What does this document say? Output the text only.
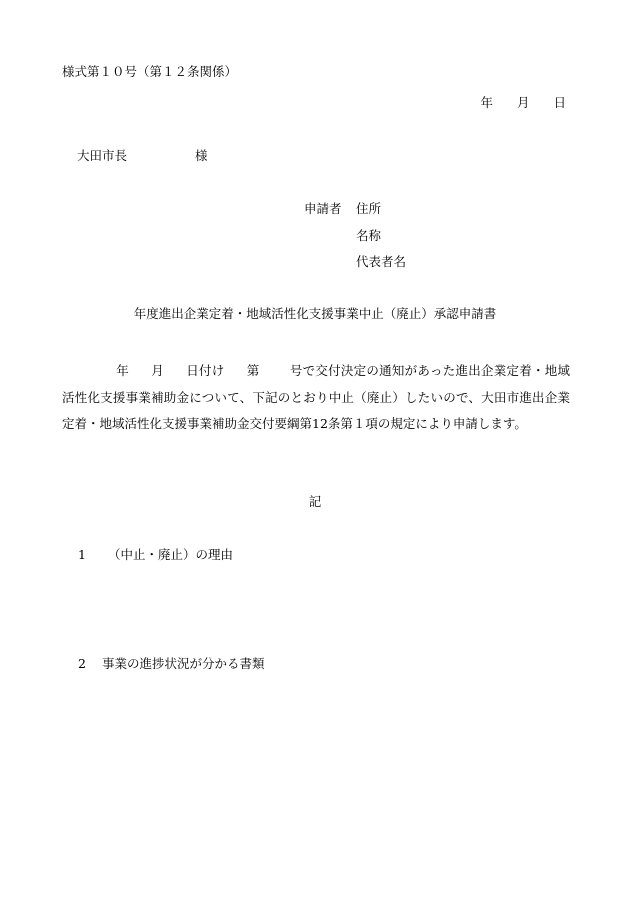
様式第１０号（第１２条関係）
年 月 日
大田市長	様
申請者 住所
名称
代表者名
年度進出企業定着・地域活性化支援事業中止（廃止）承認申請書
年 月 日付け 第 号で交付決定の通知があった進出企業定着・地域活性化支援事業補助金について、下記のとおり中止（廃止）したいので、大田市進出企業定着・地域活性化支援事業補助金交付要綱第12条第１項の規定により申請します。
記
1 （中止・廃止）の理由
2 事業の進捗状況が分かる書類
